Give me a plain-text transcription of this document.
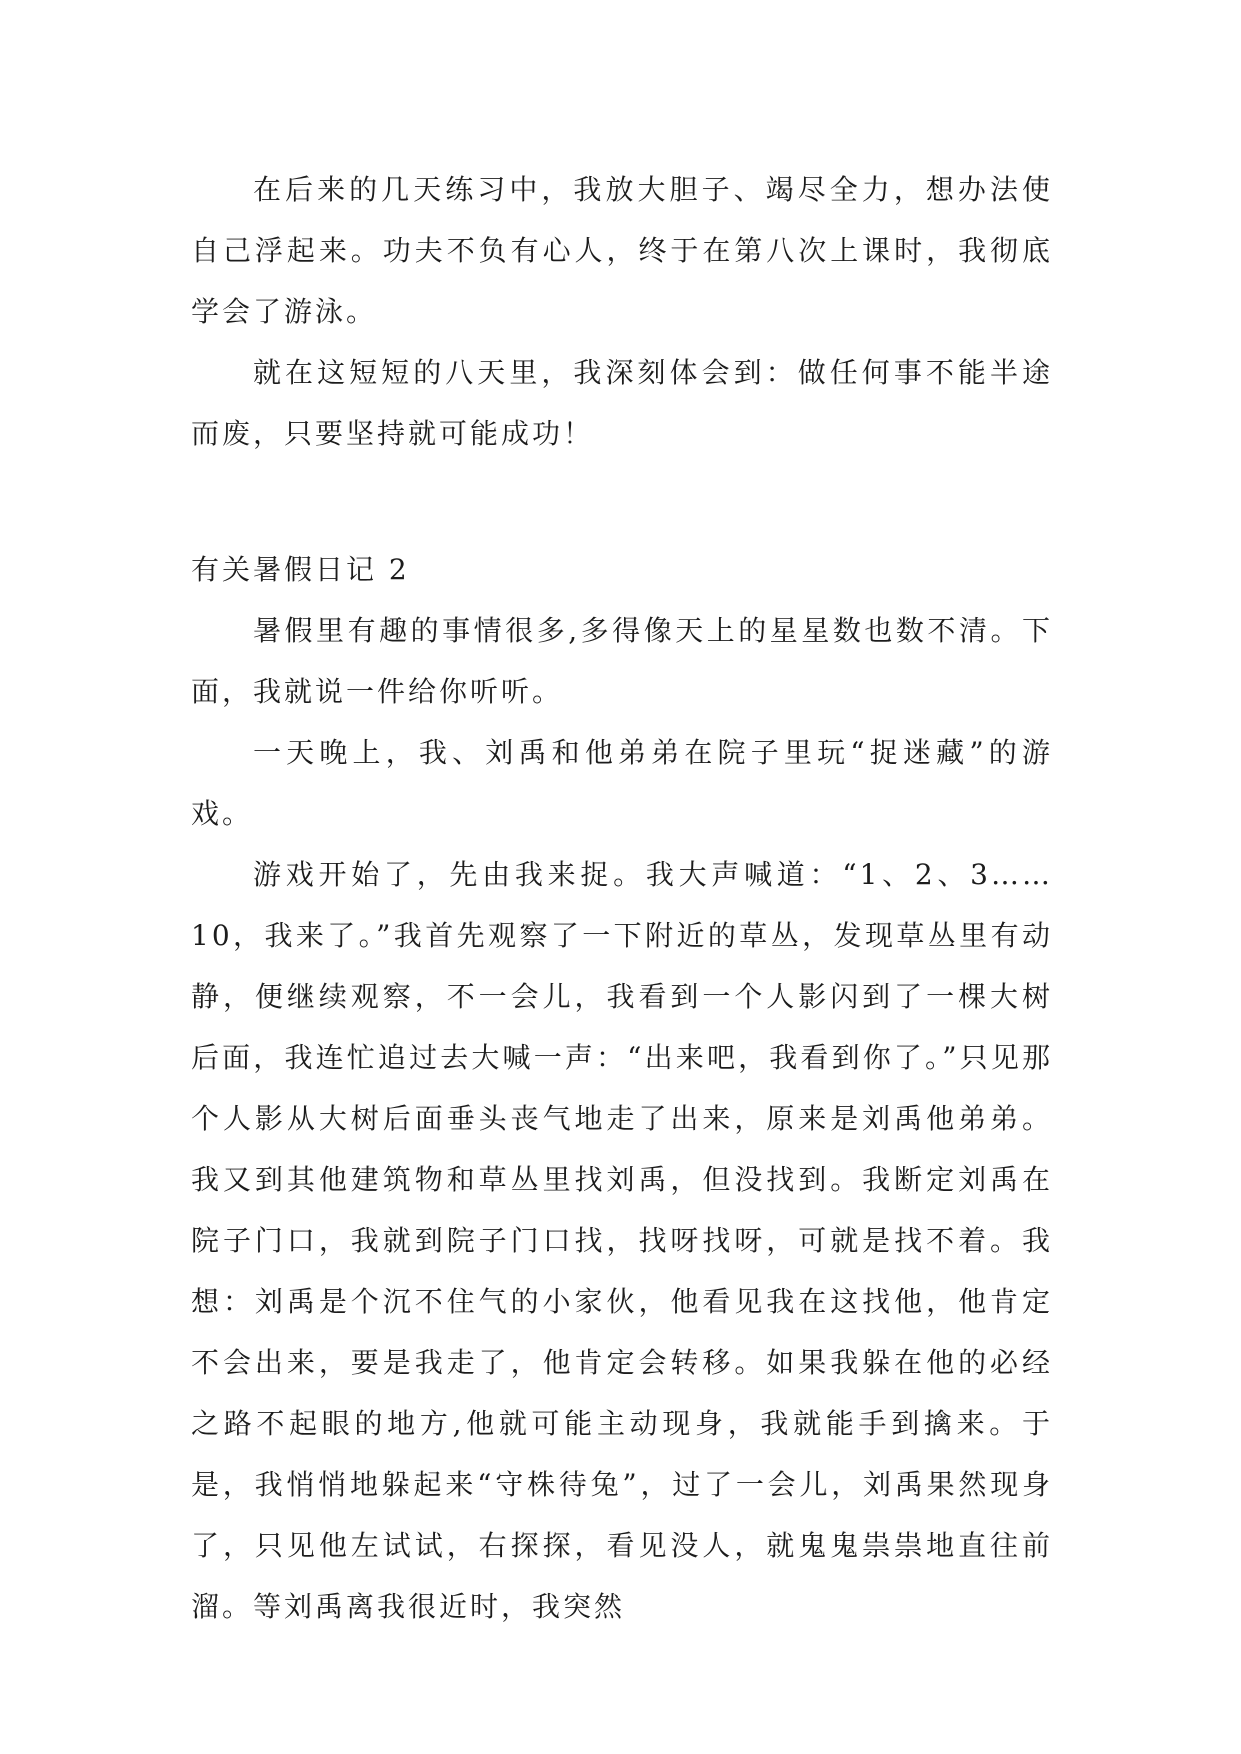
在后来的几天练习中，我放大胆子、竭尽全力，想办法使自己浮起来。功夫不负有心人，终于在第八次上课时，我彻底学会了游泳。

就在这短短的八天里，我深刻体会到：做任何事不能半途而废，只要坚持就可能成功！

有关暑假日记 2

暑假里有趣的事情很多,多得像天上的星星数也数不清。下面，我就说一件给你听听。

一天晚上，我、刘禹和他弟弟在院子里玩“捉迷藏”的游戏。

游戏开始了，先由我来捉。我大声喊道：“1、2、3……10，我来了。”我首先观察了一下附近的草丛，发现草丛里有动静，便继续观察，不一会儿，我看到一个人影闪到了一棵大树后面，我连忙追过去大喊一声：“出来吧，我看到你了。”只见那个人影从大树后面垂头丧气地走了出来，原来是刘禹他弟弟。我又到其他建筑物和草丛里找刘禹，但没找到。我断定刘禹在院子门口，我就到院子门口找，找呀找呀，可就是找不着。我想：刘禹是个沉不住气的小家伙，他看见我在这找他，他肯定不会出来，要是我走了，他肯定会转移。如果我躲在他的必经之路不起眼的地方,他就可能主动现身，我就能手到擒来。于是，我悄悄地躲起来“守株待兔”，过了一会儿，刘禹果然现身了，只见他左试试，右探探，看见没人，就鬼鬼祟祟地直往前溜。等刘禹离我很近时，我突然
